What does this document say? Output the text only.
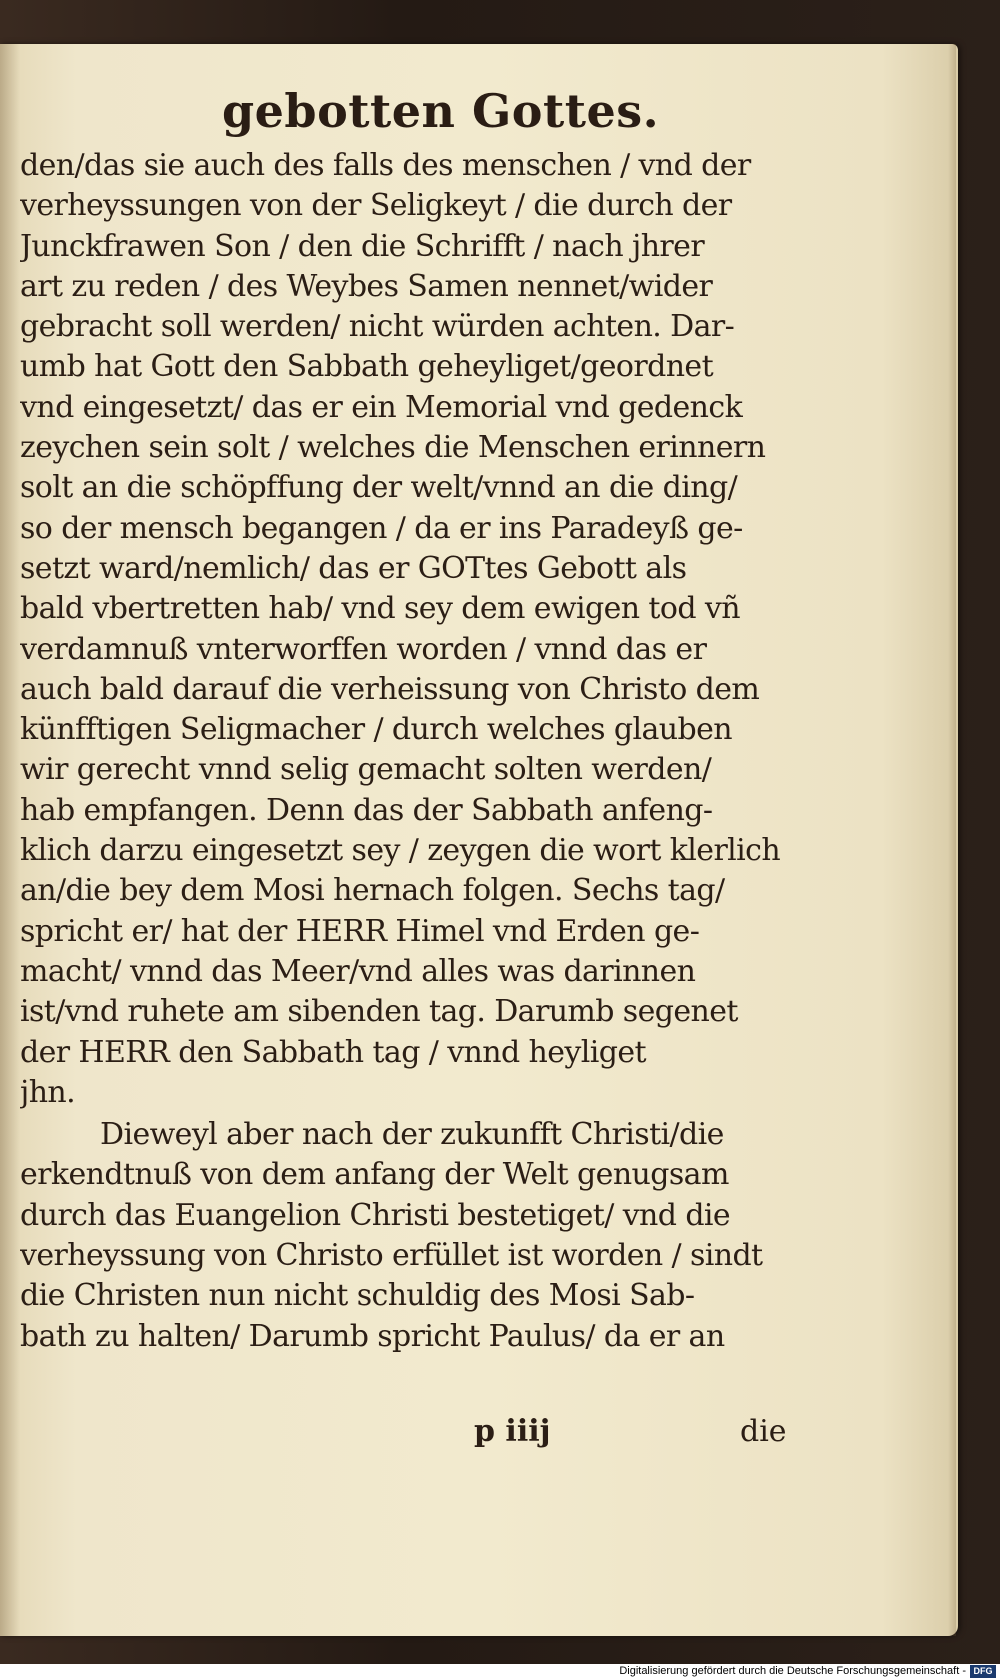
gebotten Gottes.
den/das sie auch des falls des menschen / vnd der
verheyssungen von der Seligkeyt / die durch der
Junckfrawen Son / den die Schrifft / nach jhrer
art zu reden / des Weybes Samen nennet/wider
gebracht soll werden/ nicht würden achten. Dar-
umb hat Gott den Sabbath geheyliget/geordnet
vnd eingesetzt/ das er ein Memorial vnd gedenck
zeychen sein solt / welches die Menschen erinnern
solt an die schöpffung der welt/vnnd an die ding/
so der mensch begangen / da er ins Paradeyß ge-
setzt ward/nemlich/ das er GOTtes Gebott als
bald vbertretten hab/ vnd sey dem ewigen tod vñ
verdamnuß vnterworffen worden / vnnd das er
auch bald darauf die verheissung von Christo dem
künfftigen Seligmacher / durch welches glauben
wir gerecht vnnd selig gemacht solten werden/
hab empfangen. Denn das der Sabbath anfeng-
klich darzu eingesetzt sey / zeygen die wort klerlich
an/die bey dem Mosi hernach folgen. Sechs tag/
spricht er/ hat der HERR Himel vnd Erden ge-
macht/ vnnd das Meer/vnd alles was darinnen
ist/vnd ruhete am sibenden tag. Darumb segenet
der HERR den Sabbath tag / vnnd heyliget
jhn.
Dieweyl aber nach der zukunfft Christi/die
erkendtnuß von dem anfang der Welt genugsam
durch das Euangelion Christi bestetiget/ vnd die
verheyssung von Christo erfüllet ist worden / sindt
die Christen nun nicht schuldig des Mosi Sab-
bath zu halten/ Darumb spricht Paulus/ da er an
p iiij	die
Digitalisierung gefördert durch die Deutsche Forschungsgemeinschaft - DFG
